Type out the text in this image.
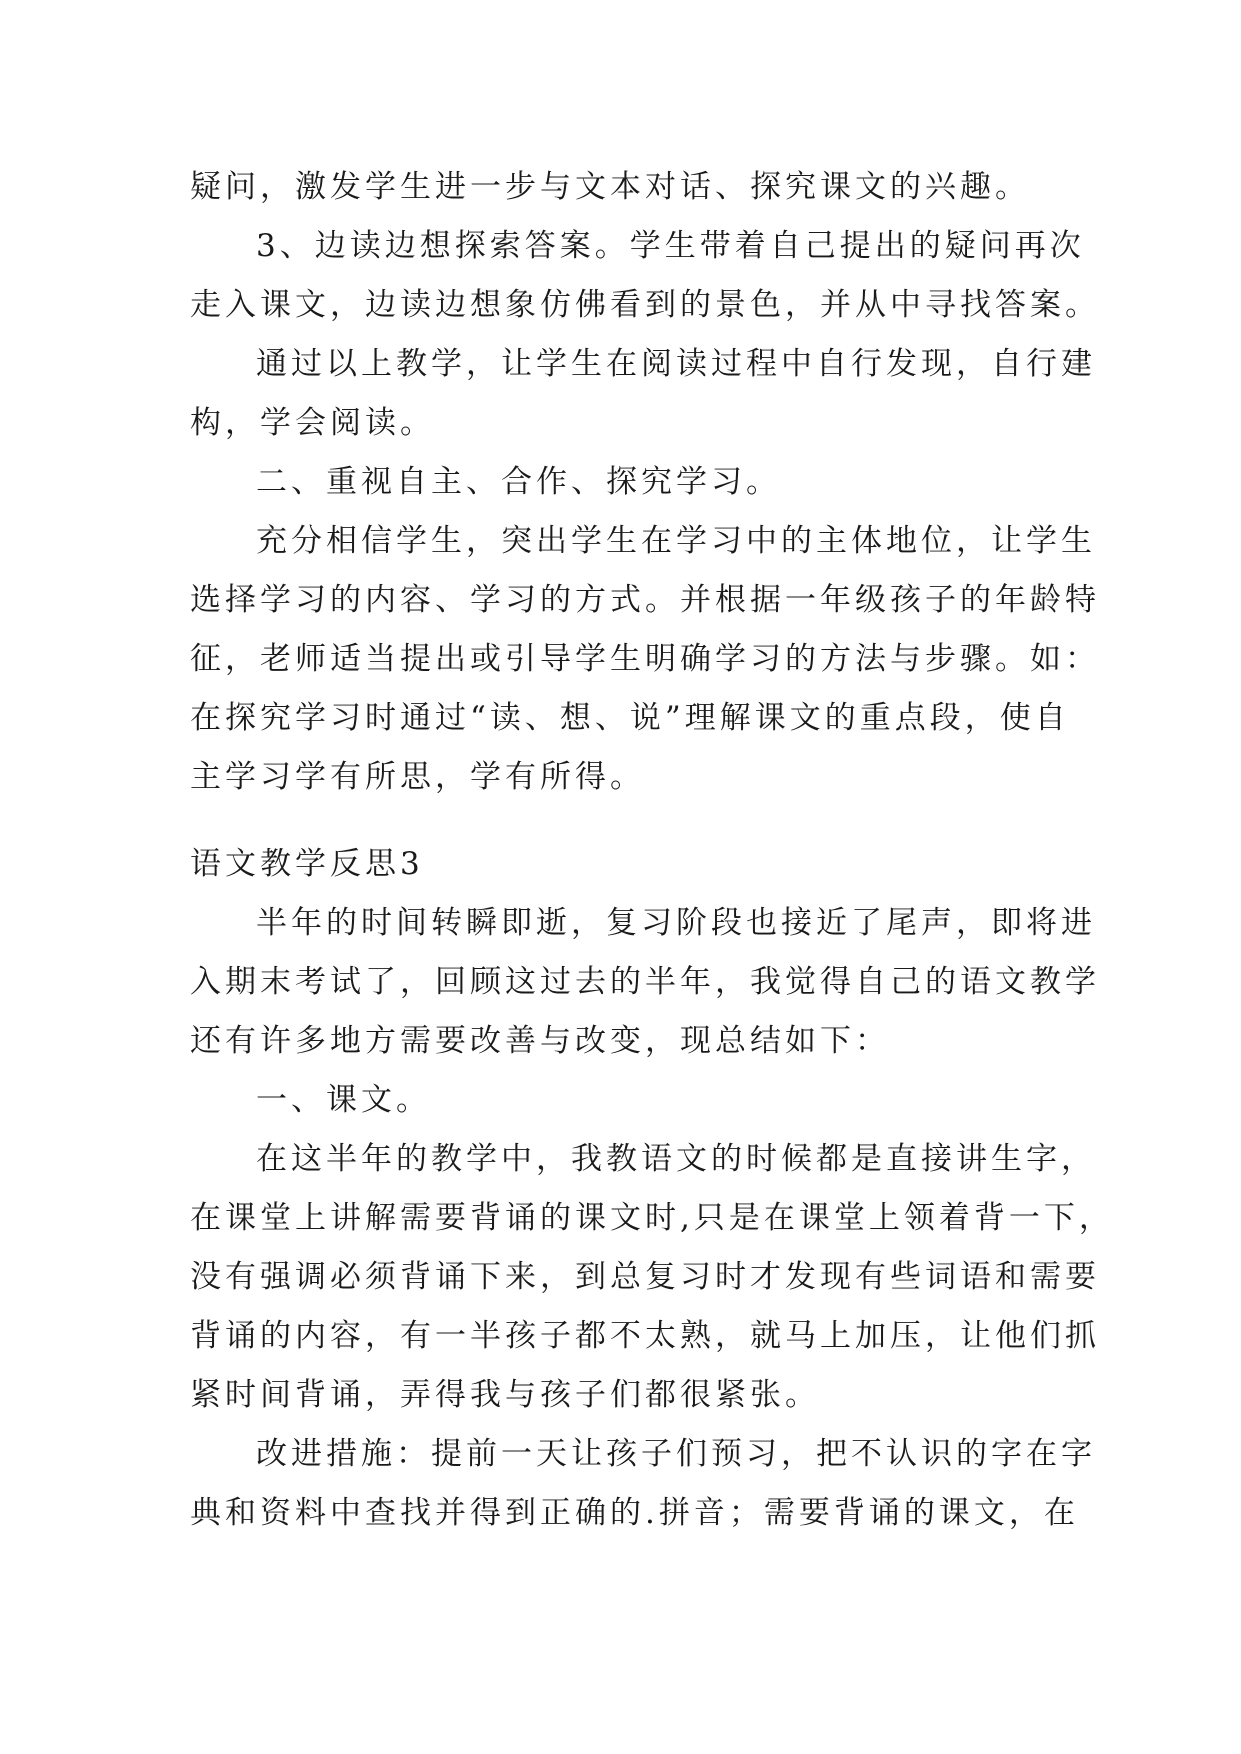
疑问，激发学生进一步与文本对话、探究课文的兴趣。
3、边读边想探索答案。学生带着自己提出的疑问再次
走入课文，边读边想象仿佛看到的景色，并从中寻找答案。
通过以上教学，让学生在阅读过程中自行发现，自行建
构，学会阅读。
二、重视自主、合作、探究学习。
充分相信学生，突出学生在学习中的主体地位，让学生
选择学习的内容、学习的方式。并根据一年级孩子的年龄特
征，老师适当提出或引导学生明确学习的方法与步骤。如：
在探究学习时通过“读、想、说”理解课文的重点段，使自
主学习学有所思，学有所得。
语文教学反思3
半年的时间转瞬即逝，复习阶段也接近了尾声，即将进
入期末考试了，回顾这过去的半年，我觉得自己的语文教学
还有许多地方需要改善与改变，现总结如下：
一、课文。
在这半年的教学中，我教语文的时候都是直接讲生字，
在课堂上讲解需要背诵的课文时,只是在课堂上领着背一下，
没有强调必须背诵下来，到总复习时才发现有些词语和需要
背诵的内容，有一半孩子都不太熟，就马上加压，让他们抓
紧时间背诵，弄得我与孩子们都很紧张。
改进措施：提前一天让孩子们预习，把不认识的字在字
典和资料中查找并得到正确的.拼音；需要背诵的课文，在
